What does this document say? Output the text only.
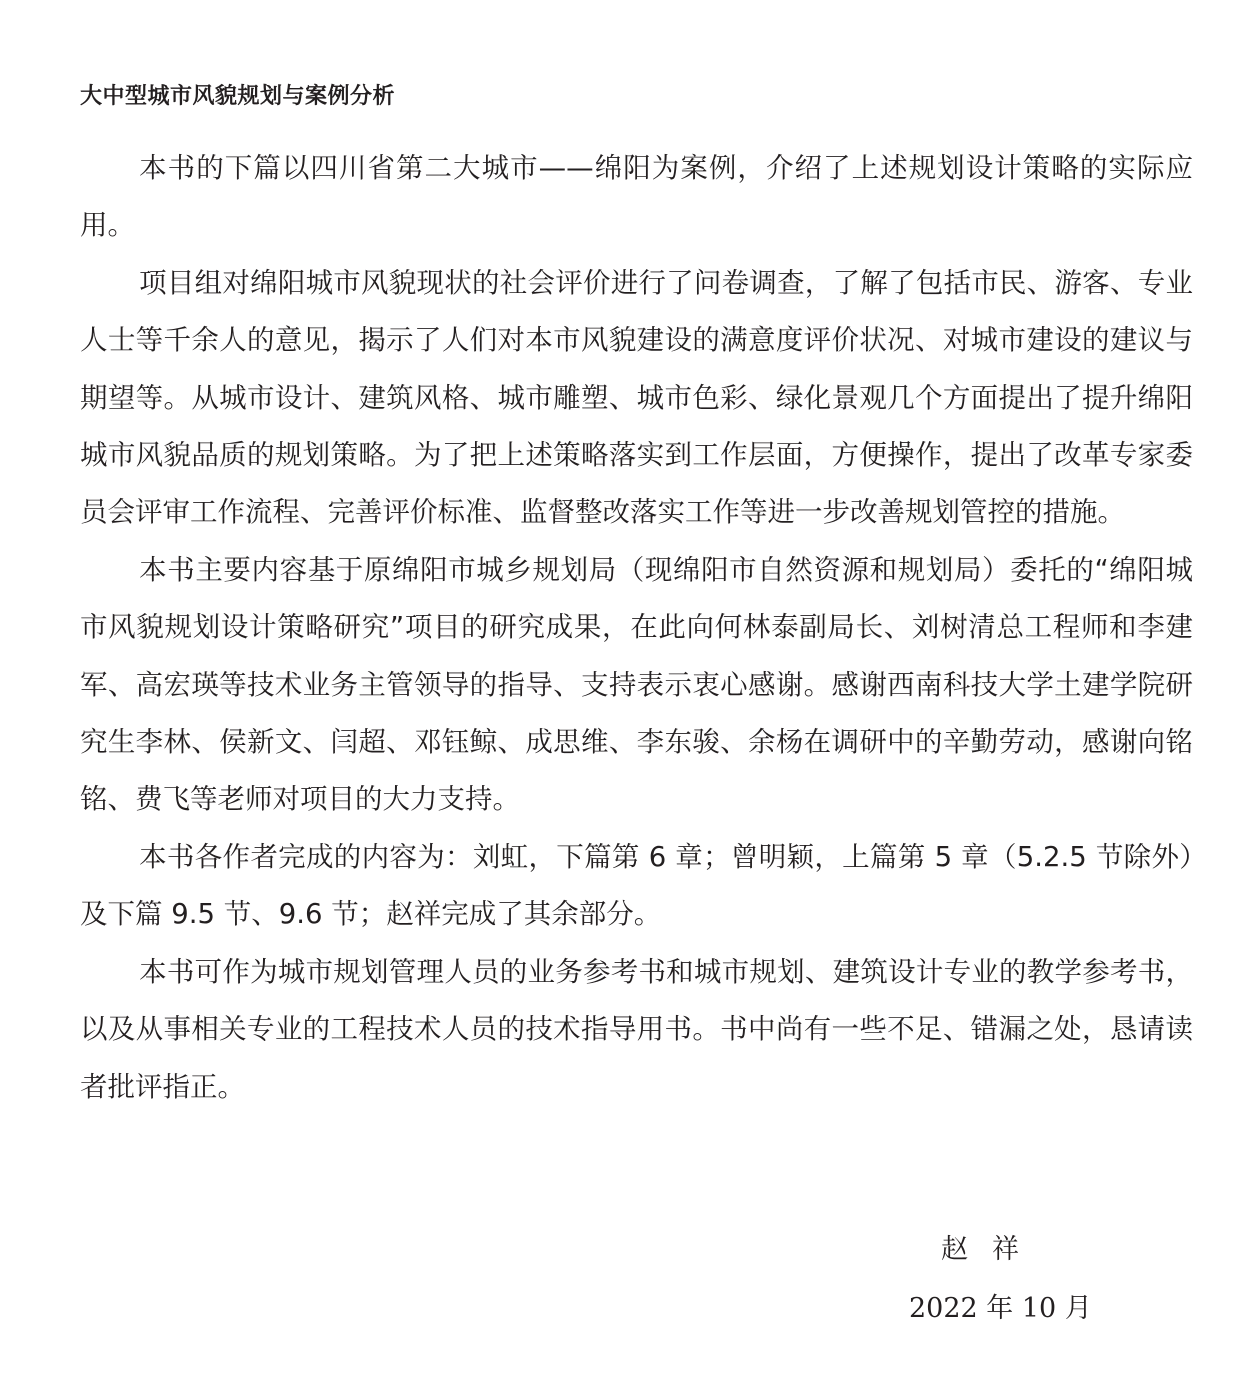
大中型城市风貌规划与案例分析

本书的下篇以四川省第二大城市——绵阳为案例，介绍了上述规划设计策略的实际应用。

项目组对绵阳城市风貌现状的社会评价进行了问卷调查，了解了包括市民、游客、专业人士等千余人的意见，揭示了人们对本市风貌建设的满意度评价状况、对城市建设的建议与期望等。从城市设计、建筑风格、城市雕塑、城市色彩、绿化景观几个方面提出了提升绵阳城市风貌品质的规划策略。为了把上述策略落实到工作层面，方便操作，提出了改革专家委员会评审工作流程、完善评价标准、监督整改落实工作等进一步改善规划管控的措施。

本书主要内容基于原绵阳市城乡规划局（现绵阳市自然资源和规划局）委托的“绵阳城市风貌规划设计策略研究”项目的研究成果，在此向何林泰副局长、刘树清总工程师和李建军、高宏瑛等技术业务主管领导的指导、支持表示衷心感谢。感谢西南科技大学土建学院研究生李林、侯新文、闫超、邓钰鲸、成思维、李东骏、余杨在调研中的辛勤劳动，感谢向铭铭、费飞等老师对项目的大力支持。

本书各作者完成的内容为：刘虹，下篇第 6 章；曾明颖，上篇第 5 章（5.2.5 节除外）及下篇 9.5 节、9.6 节；赵祥完成了其余部分。

本书可作为城市规划管理人员的业务参考书和城市规划、建筑设计专业的教学参考书，以及从事相关专业的工程技术人员的技术指导用书。书中尚有一些不足、错漏之处，恳请读者批评指正。

赵祥

2022 年 10 月
